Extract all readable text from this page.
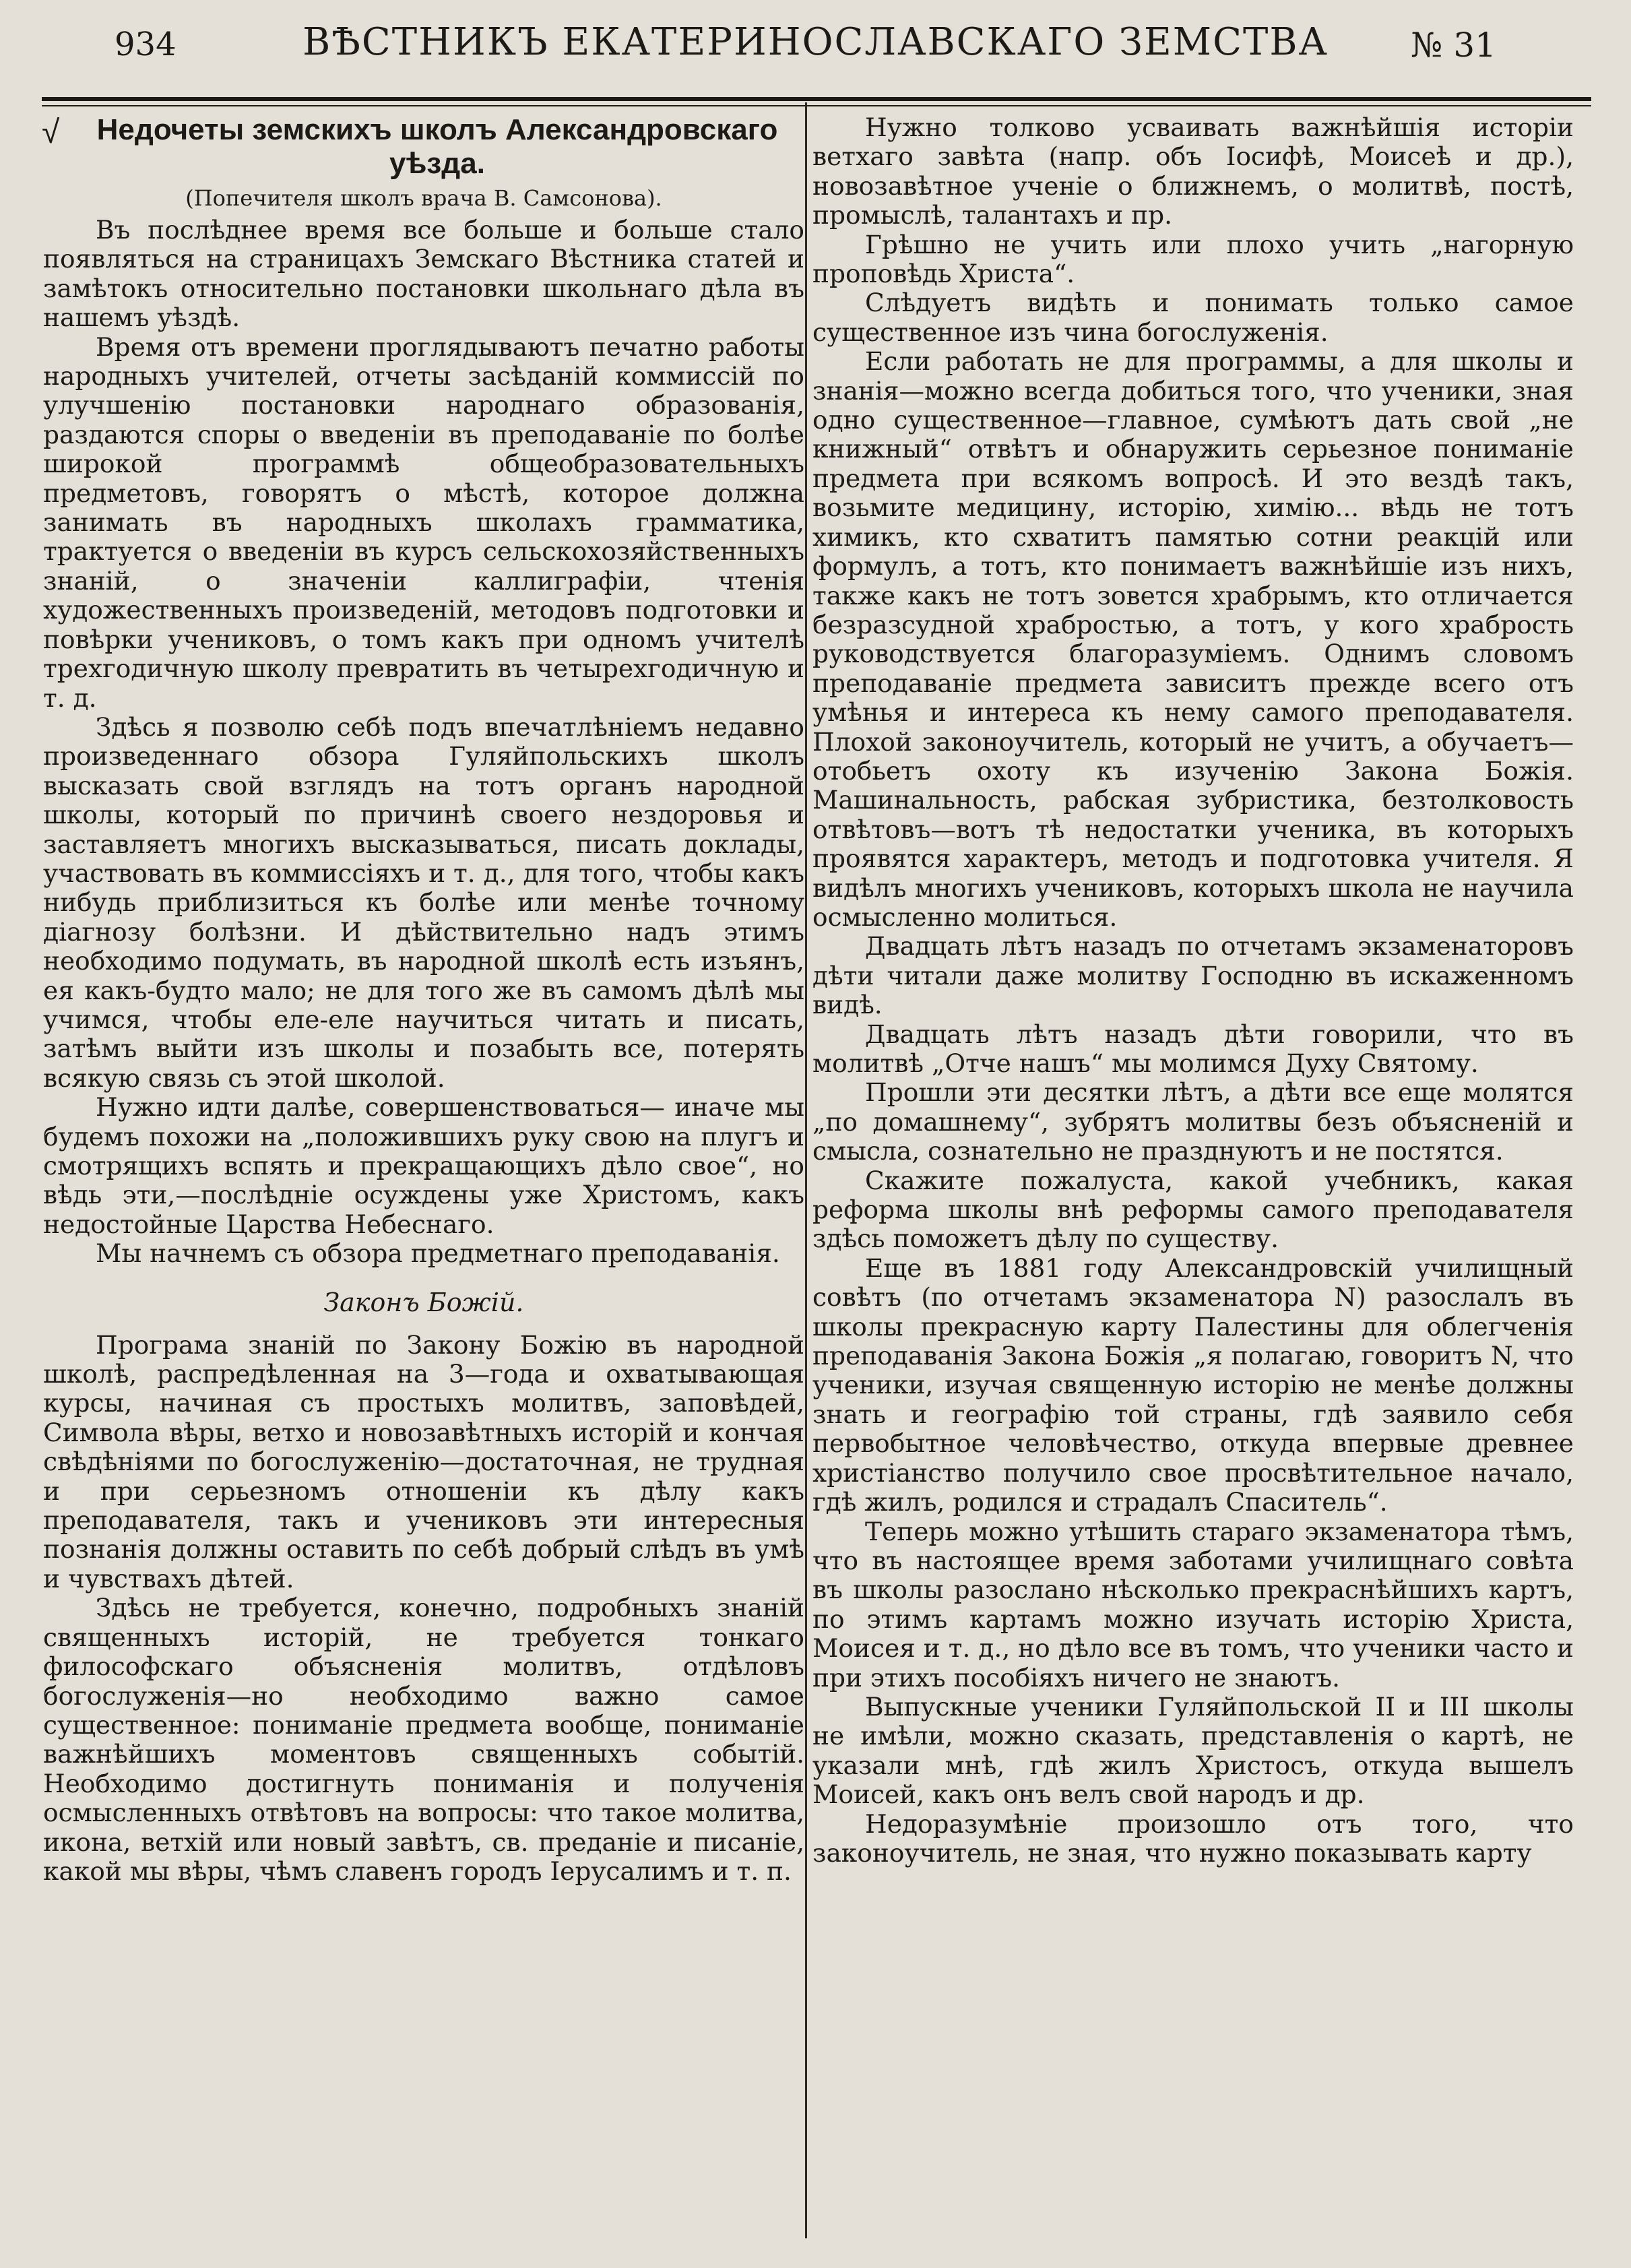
934	ВѢСТНИКЪ ЕКАТЕРИНОСЛАВСКАГО ЗЕМСТВА	№ 31
√ Недочеты земскихъ школъ Александровскаго уѣзда.
(Попечителя школъ врача В. Самсонова).

Въ послѣднее время все больше и больше стало появляться на страницахъ Земскаго Вѣстника статей и замѣтокъ относительно постановки школьнаго дѣла въ нашемъ уѣздѣ.

Время отъ времени проглядываютъ печатно работы народныхъ учителей, отчеты засѣданій коммиссій по улучшенію постановки народнаго образованія, раздаются споры о введеніи въ преподаваніе по болѣе широкой программѣ общеобразовательныхъ предметовъ, говорятъ о мѣстѣ, которое должна занимать въ народныхъ школахъ грамматика, трактуется о введеніи въ курсъ сельскохозяйственныхъ знаній, о значеніи каллиграфіи, чтенія художественныхъ произведеній, методовъ подготовки и повѣрки учениковъ, о томъ какъ при одномъ учителѣ трехгодичную школу превратить въ четырехгодичную и т. д.

Здѣсь я позволю себѣ подъ впечатлѣніемъ недавно произведеннаго обзора Гуляйпольскихъ школъ высказать свой взглядъ на тотъ органъ народной школы, который по причинѣ своего нездоровья и заставляетъ многихъ высказываться, писать доклады, участвовать въ коммиссіяхъ и т. д., для того, чтобы какъ нибудь приблизиться къ болѣе или менѣе точному діагнозу болѣзни. И дѣйствительно надъ этимъ необходимо подумать, въ народной школѣ есть изъянъ, ея какъ-будто мало; не для того же въ самомъ дѣлѣ мы учимся, чтобы еле-еле научиться читать и писать, затѣмъ выйти изъ школы и позабыть все, потерять всякую связь съ этой школой.

Нужно идти далѣе, совершенствоваться— иначе мы будемъ похожи на „положившихъ руку свою на плугъ и смотрящихъ вспять и прекращающихъ дѣло свое“, но вѣдь эти,—послѣдніе осуждены уже Христомъ, какъ недостойные Царства Небеснаго.

Мы начнемъ съ обзора предметнаго преподаванія.

Законъ Божій.

Програма знаній по Закону Божію въ народной школѣ, распредѣленная на 3—года и охватывающая курсы, начиная съ простыхъ молитвъ, заповѣдей, Символа вѣры, ветхо и новозавѣтныхъ исторій и кончая свѣдѣніями по богослуженію—достаточная, не трудная и при серьезномъ отношеніи къ дѣлу какъ преподавателя, такъ и учениковъ эти интересныя познанія должны оставить по себѣ добрый слѣдъ въ умѣ и чувствахъ дѣтей.

Здѣсь не требуется, конечно, подробныхъ знаній священныхъ исторій, не требуется тонкаго философскаго объясненія молитвъ, отдѣловъ богослуженія—но необходимо важно самое существенное: пониманіе предмета вообще, пониманіе важнѣйшихъ моментовъ священныхъ событій. Необходимо достигнуть пониманія и полученія осмысленныхъ отвѣтовъ на вопросы: что такое молитва, икона, ветхій или новый завѣтъ, св. преданіе и писаніе, какой мы вѣры, чѣмъ славенъ городъ Іерусалимъ и т. п.

Нужно толково усваивать важнѣйшія исторіи ветхаго завѣта (напр. объ Іосифѣ, Моисеѣ и др.), новозавѣтное ученіе о ближнемъ, о молитвѣ, постѣ, промыслѣ, талантахъ и пр.

Грѣшно не учить или плохо учить „нагорную проповѣдь Христа“.

Слѣдуетъ видѣть и понимать только самое существенное изъ чина богослуженія.

Если работать не для программы, а для школы и знанія—можно всегда добиться того, что ученики, зная одно существенное—главное, сумѣютъ дать свой „не книжный“ отвѣтъ и обнаружить серьезное пониманіе предмета при всякомъ вопросѣ. И это вездѣ такъ, возьмите медицину, исторію, химію... вѣдь не тотъ химикъ, кто схватитъ памятью сотни реакцій или формулъ, а тотъ, кто понимаетъ важнѣйшіе изъ нихъ, также какъ не тотъ зовется храбрымъ, кто отличается безразсудной храбростью, а тотъ, у кого храбрость руководствуется благоразуміемъ. Однимъ словомъ преподаваніе предмета зависитъ прежде всего отъ умѣнья и интереса къ нему самого преподавателя. Плохой законоучитель, который не учитъ, а обучаетъ—отобьетъ охоту къ изученію Закона Божія. Машинальность, рабская зубристика, безтолковость отвѣтовъ—вотъ тѣ недостатки ученика, въ которыхъ проявятся характеръ, методъ и подготовка учителя. Я видѣлъ многихъ учениковъ, которыхъ школа не научила осмысленно молиться.

Двадцать лѣтъ назадъ по отчетамъ экзаменаторовъ дѣти читали даже молитву Господню въ искаженномъ видѣ.

Двадцать лѣтъ назадъ дѣти говорили, что въ молитвѣ „Отче нашъ“ мы молимся Духу Святому.

Прошли эти десятки лѣтъ, а дѣти все еще молятся „по домашнему“, зубрятъ молитвы безъ объясненій и смысла, сознательно не празднуютъ и не постятся.

Скажите пожалуста, какой учебникъ, какая реформа школы внѣ реформы самого преподавателя здѣсь поможетъ дѣлу по существу.

Еще въ 1881 году Александровскій училищный совѣтъ (по отчетамъ экзаменатора N) разослалъ въ школы прекрасную карту Палестины для облегченія преподаванія Закона Божія „я полагаю, говоритъ N, что ученики, изучая священную исторію не менѣе должны знать и географію той страны, гдѣ заявило себя первобытное человѣчество, откуда впервые древнее христіанство получило свое просвѣтительное начало, гдѣ жилъ, родился и страдалъ Спаситель“.

Теперь можно утѣшить стараго экзаменатора тѣмъ, что въ настоящее время заботами училищнаго совѣта въ школы разослано нѣсколько прекраснѣйшихъ картъ, по этимъ картамъ можно изучать исторію Христа, Моисея и т. д., но дѣло все въ томъ, что ученики часто и при этихъ пособіяхъ ничего не знаютъ.

Выпускные ученики Гуляйпольской II и III школы не имѣли, можно сказать, представленія о картѣ, не указали мнѣ, гдѣ жилъ Христосъ, откуда вышелъ Моисей, какъ онъ велъ свой народъ и др.

Недоразумѣніе произошло отъ того, что законоучитель, не зная, что нужно показывать карту
